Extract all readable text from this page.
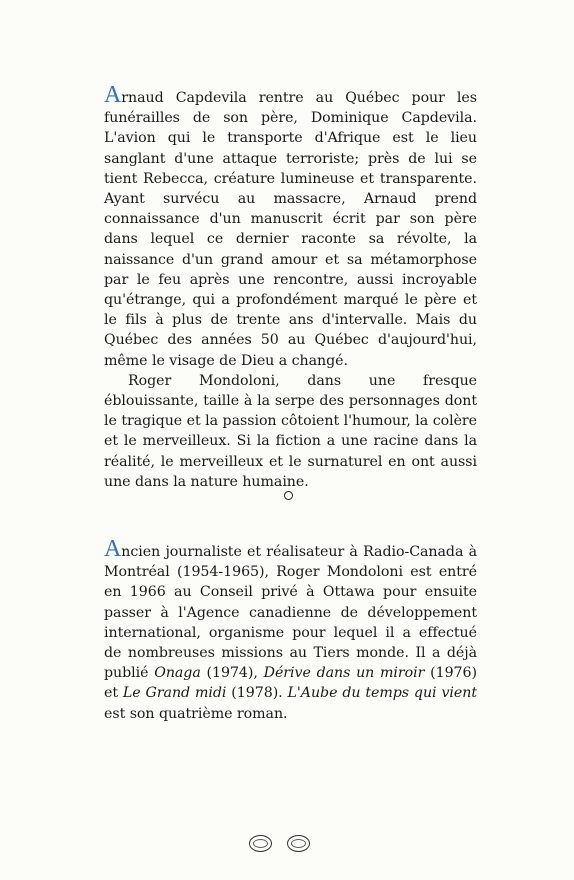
Arnaud Capdevila rentre au Québec pour les funérailles de son père, Dominique Capdevila. L'avion qui le transporte d'Afrique est le lieu sanglant d'une attaque terroriste; près de lui se tient Rebecca, créature lumineuse et transparente. Ayant survécu au massacre, Arnaud prend connaissance d'un manuscrit écrit par son père dans lequel ce dernier raconte sa révolte, la naissance d'un grand amour et sa métamorphose par le feu après une rencontre, aussi incroyable qu'étrange, qui a profondément marqué le père et le fils à plus de trente ans d'intervalle. Mais du Québec des années 50 au Québec d'aujourd'hui, même le visage de Dieu a changé.

Roger Mondoloni, dans une fresque éblouissante, taille à la serpe des personnages dont le tragique et la passion côtoient l'humour, la colère et le merveilleux. Si la fiction a une racine dans la réalité, le merveilleux et le surnaturel en ont aussi une dans la nature humaine.

Ancien journaliste et réalisateur à Radio-Canada à Montréal (1954-1965), Roger Mondoloni est entré en 1966 au Conseil privé à Ottawa pour ensuite passer à l'Agence canadienne de développement international, organisme pour lequel il a effectué de nombreuses missions au Tiers monde. Il a déjà publié Onaga (1974), Dérive dans un miroir (1976) et Le Grand midi (1978). L'Aube du temps qui vient est son quatrième roman.
